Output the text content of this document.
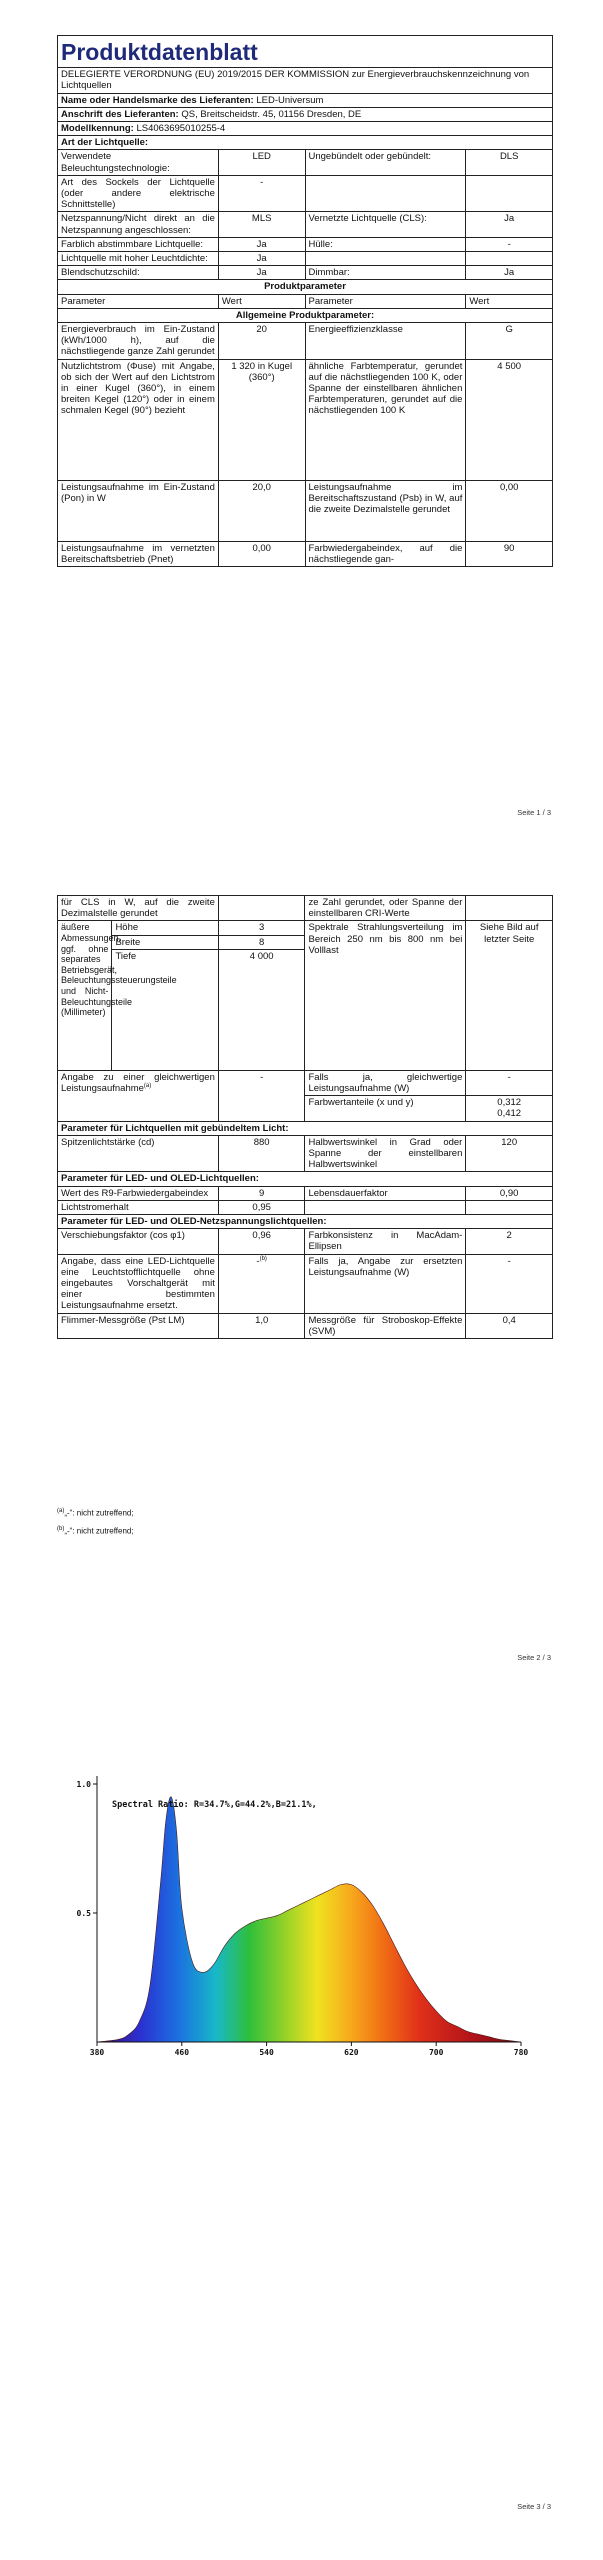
Produktdatenblatt			
DELEGIERTE VERORDNUNG (EU) 2019/2015 DER KOMMISSION zur Energieverbrauchskennzeichnung von Lichtquellen			
Name oder Handelsmarke des Lieferanten: LED-Universum			
Anschrift des Lieferanten: QS, Breitscheidstr. 45, 01156 Dresden, DE			
Modellkennung: LS4063695010255-4			
Art der Lichtquelle:			
Verwendete Beleuchtungstechnologie:	LED	Ungebündelt oder gebündelt:	DLS
Art des Sockels der Lichtquelle (oder andere elektrische Schnittstelle)	-		
Netzspannung/Nicht direkt an die Netzspannung angeschlossen:	MLS	Vernetzte Lichtquelle (CLS):	Ja
Farblich abstimmbare Lichtquelle:	Ja	Hülle:	-
Lichtquelle mit hoher Leuchtdichte:	Ja		
Blendschutzschild:	Ja	Dimmbar:	Ja
Produktparameter			
Parameter	Wert	Parameter	Wert
Allgemeine Produktparameter:			
Energieverbrauch im Ein-Zustand (kWh/1000 h), auf die nächstliegende ganze Zahl gerundet	20	Energieeffizienzklasse	G
Nutzlichtstrom (Φuse) mit Angabe, ob sich der Wert auf den Lichtstrom in einer Kugel (360°), in einem breiten Kegel (120°) oder in einem schmalen Kegel (90°) bezieht	1 320 in Kugel (360°)	ähnliche Farbtemperatur, gerundet auf die nächstliegenden 100 K, oder Spanne der einstellbaren ähnlichen Farbtemperaturen, gerundet auf die nächstliegenden 100 K	4 500
Leistungsaufnahme im Ein-Zustand (Pon) in W	20,0	Leistungsaufnahme im Bereitschaftszustand (Psb) in W, auf die zweite Dezimalstelle gerundet	0,00
Leistungsaufnahme im vernetzten Bereitschaftsbetrieb (Pnet)	0,00	Farbwiedergabeindex, auf die nächstliegende gan-	90
Seite 1 / 3
für CLS in W, auf die zweite Dezimalstelle gerundet			ze Zahl gerundet, oder Spanne der einstellbaren CRI-Werte	
äußere Abmessungen, ggf. ohne separates Betriebsgerät, Beleuchtungssteuerungsteile und Nicht-Beleuchtungsteile (Millimeter)	Höhe	3	Spektrale Strahlungsverteilung im Bereich 250 nm bis 800 nm bei Volllast	Siehe Bild auf letzter Seite
	Breite	8		
	Tiefe	4 000		
Angabe zu einer gleichwertigen Leistungsaufnahme$^{(a)}$		-	Falls ja, gleichwertige Leistungsaufnahme (W)	-
			Farbwertanteile (x und y)	0,312
0,412

Parameter für Lichtquellen mit gebündeltem Licht:				
Spitzenlichtstärke (cd)		880	Halbwertswinkel in Grad oder Spanne der einstellbaren Halbwertswinkel	120
Parameter für LED- und OLED-Lichtquellen:				
Wert des R9-Farbwiedergabeindex		9	Lebensdauerfaktor	0,90
Lichtstromerhalt		0,95		
Parameter für LED- und OLED-Netzspannungslichtquellen:				
Verschiebungsfaktor (cos φ1)		0,96	Farbkonsistenz in MacAdam-Ellipsen	2
Angabe, dass eine LED-Lichtquelle eine Leuchtstofflichtquelle ohne eingebautes Vorschaltgerät mit einer bestimmten Leistungsaufnahme ersetzt.		-$^{(b)}$	Falls ja, Angabe zur ersetzten Leistungsaufnahme (W)	-
Flimmer-Messgröße (Pst LM)		1,0	Messgröße für Stroboskop-Effekte (SVM)	0,4
$^{(a)}$„-“: nicht zutreffend;
$^{(b)}$„-“: nicht zutreffend;
Seite 2 / 3
1.0
0.5
380	460	540	620	700	780
Spectral Ratio: R=34.7%,G=44.2%,B=21.1%,
Seite 3 / 3
